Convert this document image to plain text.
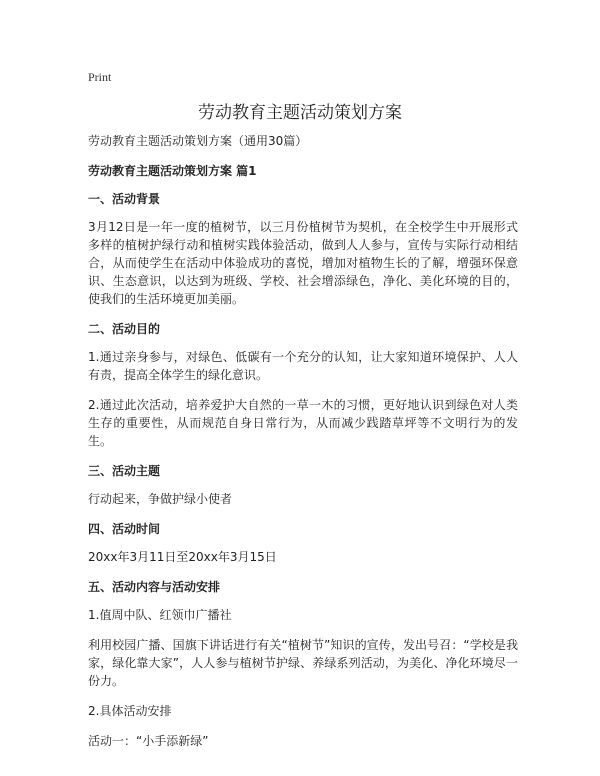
Print
劳动教育主题活动策划方案

劳动教育主题活动策划方案（通用30篇）

劳动教育主题活动策划方案 篇1

一、活动背景

3月12日是一年一度的植树节，以三月份植树节为契机，在全校学生中开展形式多样的植树护绿行动和植树实践体验活动，做到人人参与，宣传与实际行动相结合，从而使学生在活动中体验成功的喜悦，增加对植物生长的了解，增强环保意识、生态意识，以达到为班级、学校、社会增添绿色，净化、美化环境的目的，使我们的生活环境更加美丽。

二、活动目的

1.通过亲身参与，对绿色、低碳有一个充分的认知，让大家知道环境保护、人人有责，提高全体学生的绿化意识。

2.通过此次活动，培养爱护大自然的一草一木的习惯，更好地认识到绿色对人类生存的重要性，从而规范自身日常行为，从而减少践踏草坪等不文明行为的发生。

三、活动主题

行动起来，争做护绿小使者

四、活动时间

20xx年3月11日至20xx年3月15日

五、活动内容与活动安排

1.值周中队、红领巾广播社

利用校园广播、国旗下讲话进行有关“植树节”知识的宣传，发出号召：“学校是我家，绿化靠大家”，人人参与植树节护绿、养绿系列活动，为美化、净化环境尽一份力。

2.具体活动安排

活动一：“小手添新绿”
